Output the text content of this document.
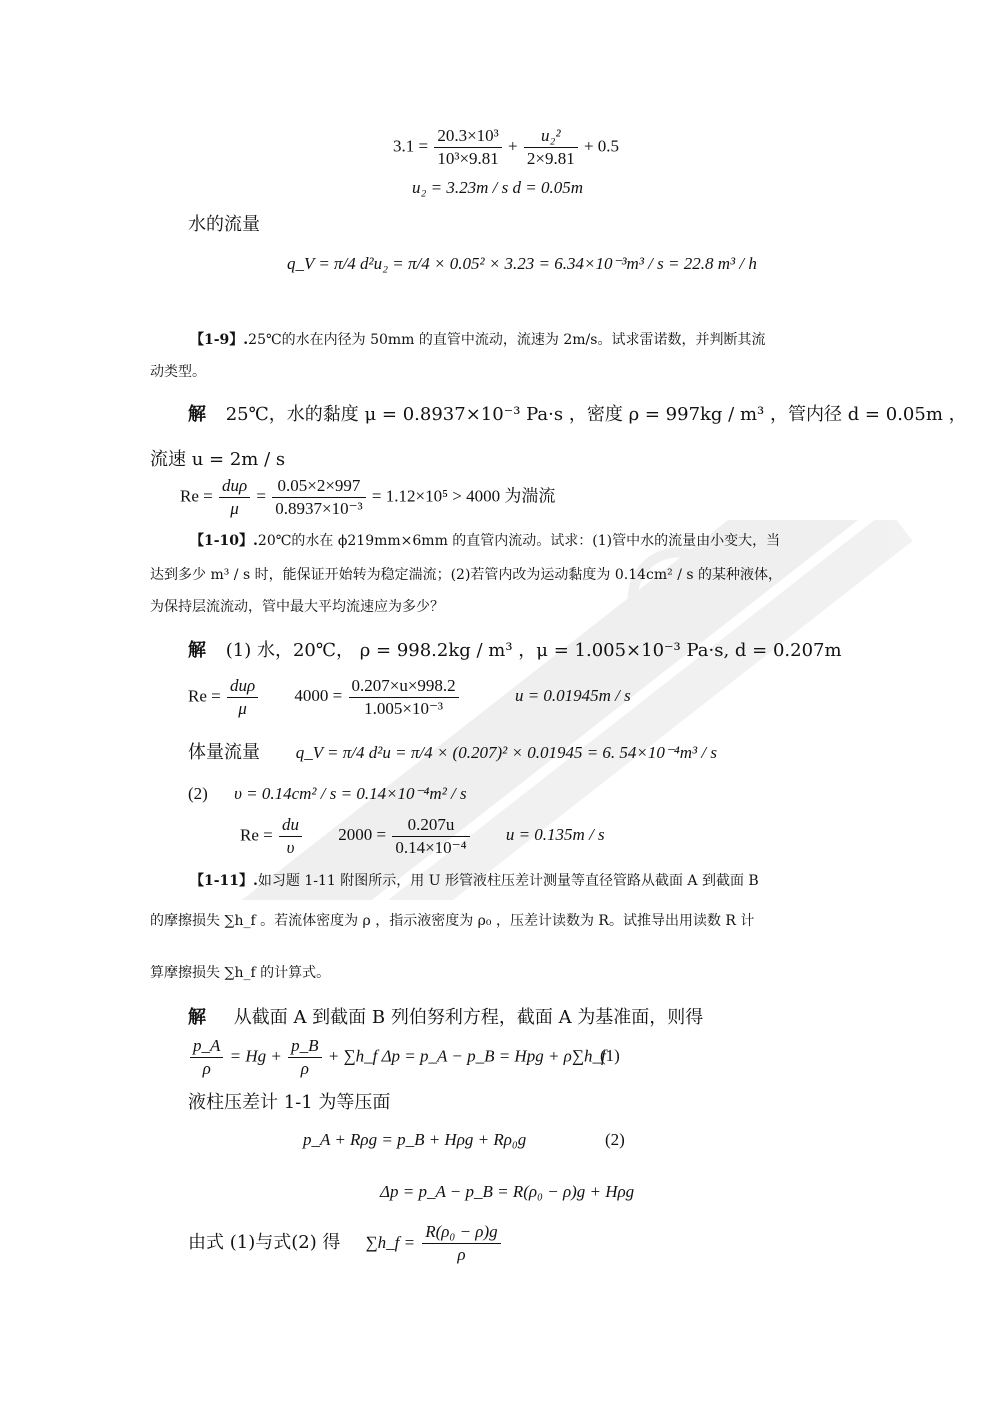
$3.1 = \frac{\text{20.3×10³}}{\text{10³×9.81}} + \frac{\text{u₂²}}{2\times 9.81} + 0.5$
u₂ = 3.23m / s d = 0.05m
水的流量
q_V = π/4 d²u₂ = π/4 × 0.05² × 3.23 = 6.34×10⁻³m³ / s = 22.8 m³ / h
【1-9】.25℃的水在内径为 50mm 的直管中流动，流速为 2m/s。试求雷诺数，并判断其流
动类型。
解 25℃，水的黏度 μ = 0.8937×10⁻³ Pa·s ，密度 ρ = 997kg / m³ ，管内径 d = 0.05m ，
流速 u = 2m / s
$Re = \frac{\text{duρ}}{\mu} = \frac{0.05\times 2\times 997}{\text{0.8937×10⁻³}} = 1.12\times 10^5 > 4000$ 为湍流
【1-10】.20℃的水在 ϕ219mm×6mm 的直管内流动。试求：(1)管中水的流量由小变大，当
达到多少 m³ / s 时，能保证开始转为稳定湍流；(2)若管内改为运动黏度为 0.14cm² / s 的某种液体，
为保持层流流动，管中最大平均流速应为多少？
解 (1) 水，20℃， ρ = 998.2kg / m³ ，μ = 1.005×10⁻³ Pa·s, d = 0.207m
$Re = \frac{\text{duρ}}{\mu} 4000 = \frac{0.207\times u\times 998.2}{\text{1.005×10⁻³}}$	u = 0.01945m / s
体量流量 q_V = π/4 d²u = π/4 × (0.207)² × 0.01945 = 6. 54×10⁻⁴m³ / s
(2) υ = 0.14cm² / s = 0.14×10⁻⁴m² / s
$Re = \frac{du}{\upsilon} 2000 = \frac{0.207u}{\text{0.14×10⁻⁴}}$ u = 0.135m / s
【1-11】.如习题 1-11 附图所示，用 U 形管液柱压差计测量等直径管路从截面 A 到截面 B
的摩擦损失 ∑h_f 。若流体密度为 ρ ，指示液密度为 ρ₀ ，压差计读数为 R。试推导出用读数 R 计
算摩擦损失 ∑h_f 的计算式。
解 从截面 A 到截面 B 列伯努利方程，截面 A 为基准面，则得
$\frac{p\_A}{\rho} = Hg + \frac{p\_B}{\rho}$ + ∑h_f Δp = p_A − p_B = Hpg + ρ∑h_f
(1)
液柱压差计 1-1 为等压面
p_A + Rρg = p_B + Hρg + Rρ₀g	(2)
Δp = p_A − p_B = R(ρ₀ − ρ)g + Hρg
由式 (1)与式(2) 得 ∑h_f = $\frac{\text{R(ρ₀ − ρ)g}}{\rho}$
